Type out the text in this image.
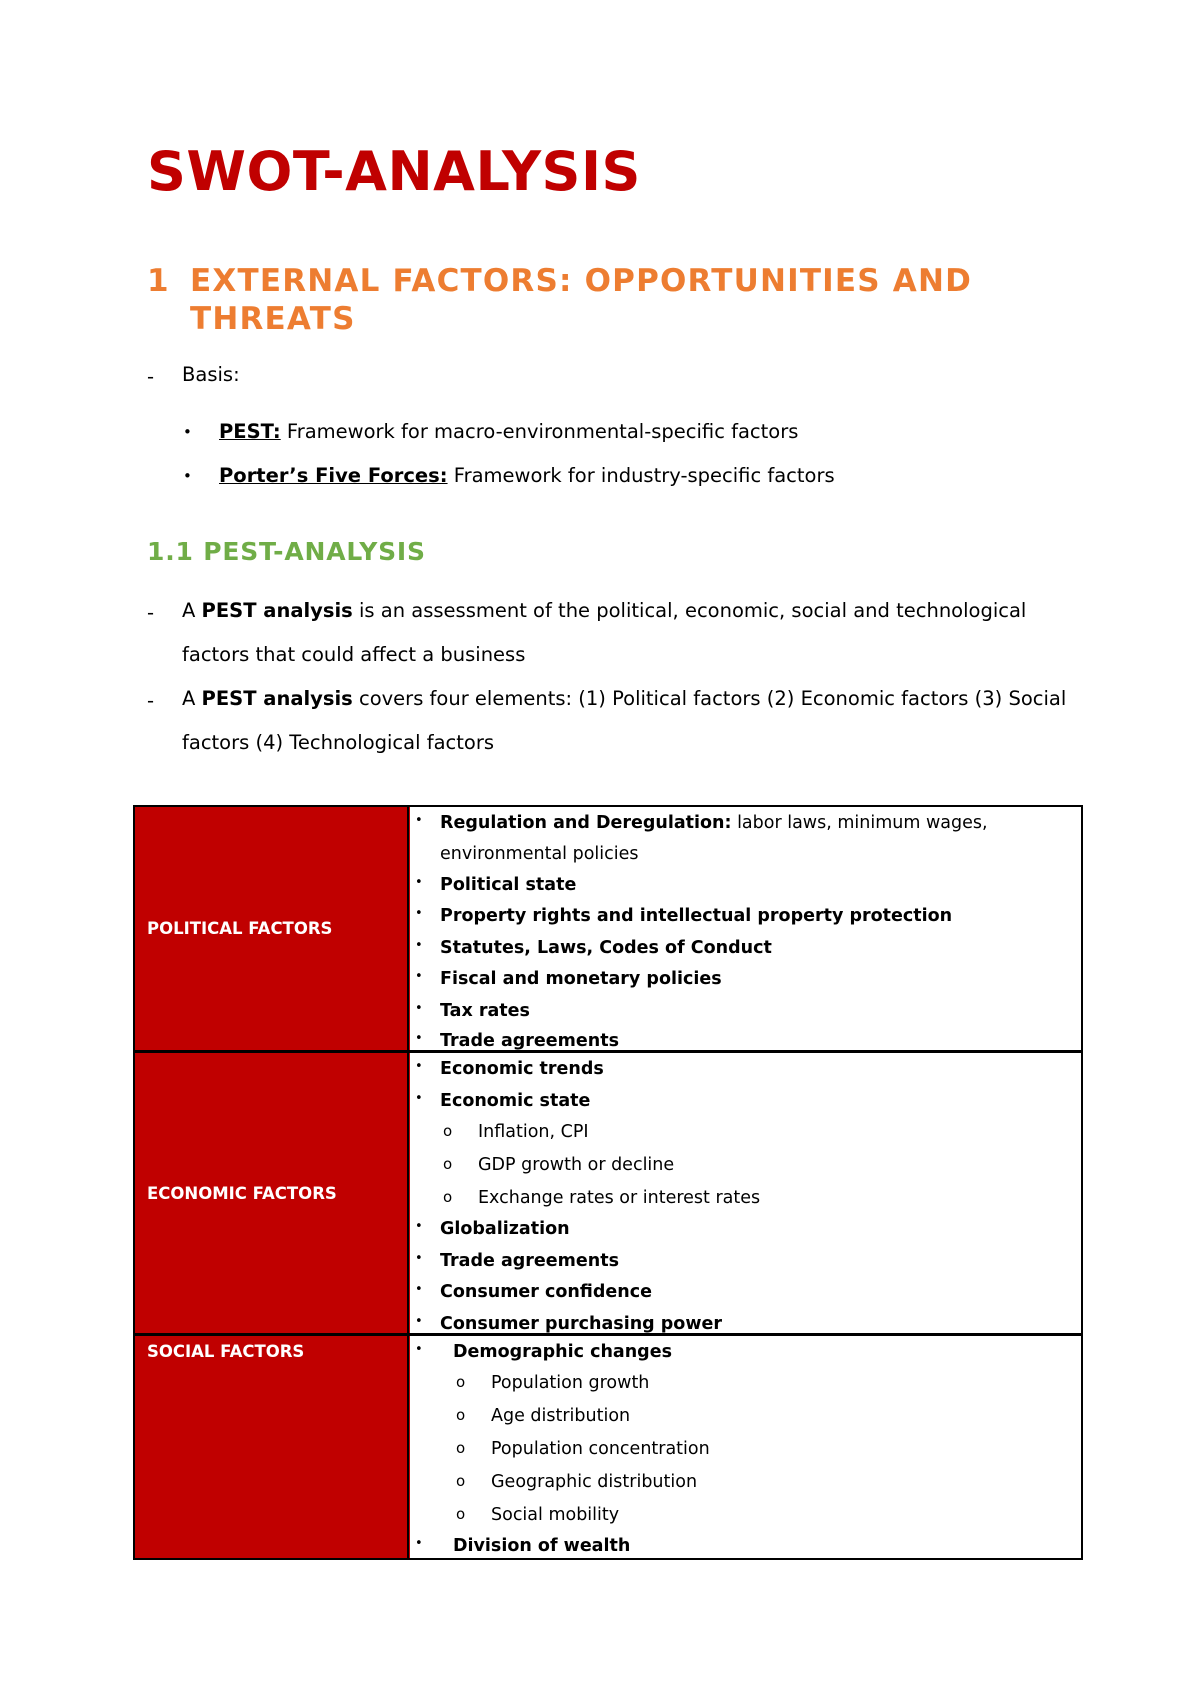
SWOT-ANALYSIS
1 EXTERNAL FACTORS: OPPORTUNITIES AND THREATS
- Basis:
• PEST: Framework for macro-environmental-specific factors
• Porter’s Five Forces: Framework for industry-specific factors
1.1 PEST-ANALYSIS
- A PEST analysis is an assessment of the political, economic, social and technological
factors that could affect a business
- A PEST analysis covers four elements: (1) Political factors (2) Economic factors (3) Social
factors (4) Technological factors
POLITICAL FACTORS
ECONOMIC FACTORS
SOCIAL FACTORS
• Regulation and Deregulation: labor laws, minimum wages,
environmental policies
• Political state
• Property rights and intellectual property protection
• Statutes, Laws, Codes of Conduct
• Fiscal and monetary policies
• Tax rates
• Trade agreements
• Economic trends
• Economic state
o Inflation, CPI
o GDP growth or decline
o Exchange rates or interest rates
• Globalization
• Trade agreements
• Consumer confidence
• Consumer purchasing power
• Demographic changes
o Population growth
o Age distribution
o Population concentration
o Geographic distribution
o Social mobility
• Division of wealth
